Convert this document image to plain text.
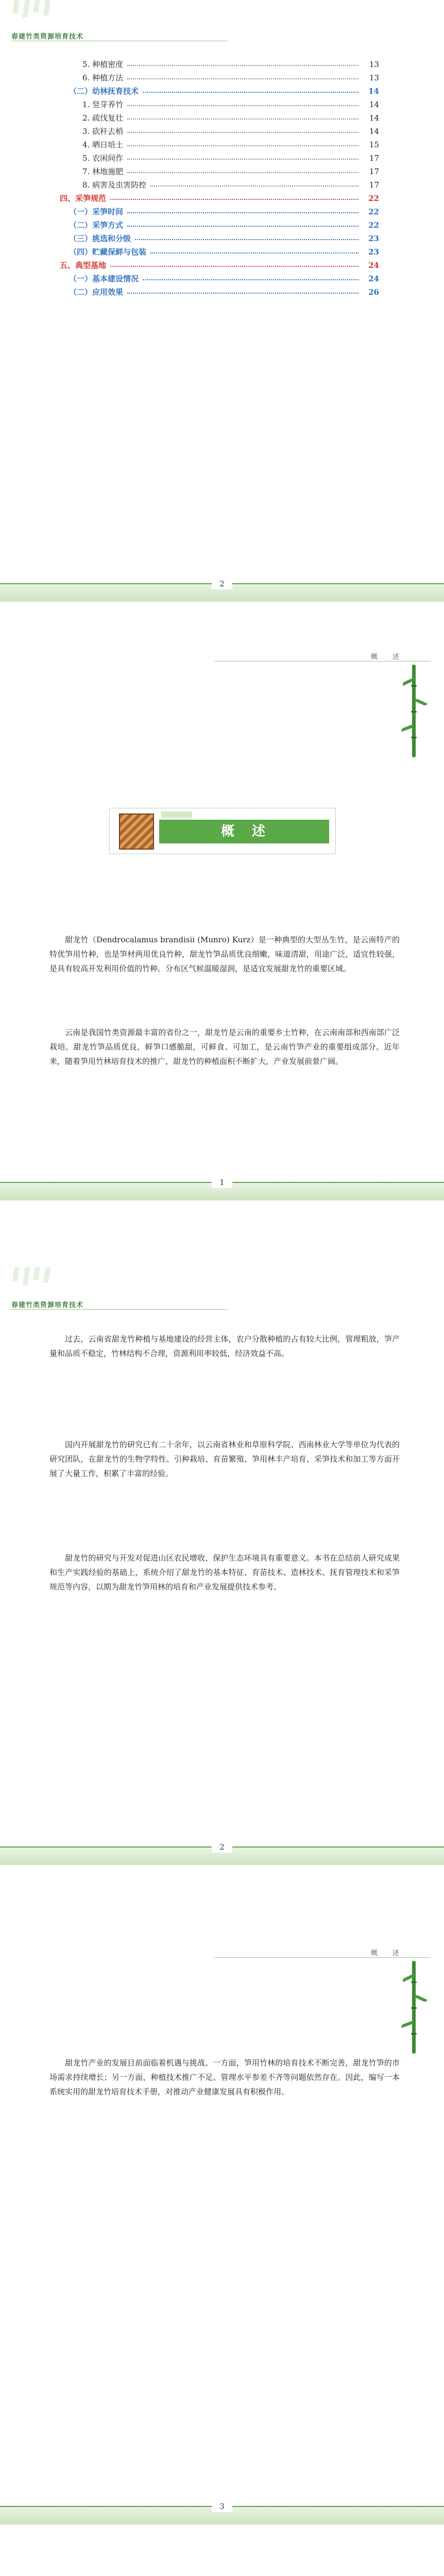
春建竹类资源培育技术
5. 种植密度	13
6. 种植方法	13
（二）幼林抚育技术	14
1. 竖芽养竹	14
2. 疏伐复壮	14
3. 砍秆去梢	14
4. 晒日培土	15
5. 农闲间作	17
7. 林地施肥	17
8. 病害及虫害防控	17
四、采笋规范	22
（一）采笋时间	22
（二）采笋方式	22
（三）挑选和分级	23
（四）贮藏保鲜与包装	23
五、典型基地	24
（一）基本建设情况	24
（二）应用效果	26
2
概　　述
概　述
甜龙竹（Dendrocalamus brandisii (Munro) Kurz）是一种典型的大型丛生竹，是云南特产的特优笋用竹种，也是笋材两用优良竹种，甜龙竹笋品质优良细嫩，味道清甜，用途广泛，适宜性较强，是具有较高开发利用价值的竹种。分布区气候温暖湿润，是适宜发展甜龙竹的重要区域。
云南是我国竹类资源最丰富的省份之一，甜龙竹是云南的重要乡土竹种，在云南南部和西南部广泛栽培。甜龙竹笋品质优良，鲜笋口感脆甜，可鲜食、可加工，是云南竹笋产业的重要组成部分。近年来，随着笋用竹林培育技术的推广，甜龙竹的种植面积不断扩大，产业发展前景广阔。
1
春建竹类资源培育技术
过去，云南省甜龙竹种植与基地建设的经营主体，农户分散种植的占有较大比例，管理粗放，笋产量和品质不稳定，竹林结构不合理，资源利用率较低，经济效益不高。
国内开展甜龙竹的研究已有二十余年，以云南省林业和草原科学院、西南林业大学等单位为代表的研究团队，在甜龙竹的生物学特性、引种栽培、育苗繁殖、笋用林丰产培育、采笋技术和加工等方面开展了大量工作，积累了丰富的经验。
甜龙竹的研究与开发对促进山区农民增收、保护生态环境具有重要意义。本书在总结前人研究成果和生产实践经验的基础上，系统介绍了甜龙竹的基本特征、育苗技术、造林技术、抚育管理技术和采笋规范等内容，以期为甜龙竹笋用林的培育和产业发展提供技术参考。
2
概　　述
甜龙竹产业的发展目前面临着机遇与挑战。一方面，笋用竹林的培育技术不断完善，甜龙竹笋的市场需求持续增长；另一方面，种植技术推广不足、管理水平参差不齐等问题依然存在。因此，编写一本系统实用的甜龙竹培育技术手册，对推动产业健康发展具有积极作用。
3
